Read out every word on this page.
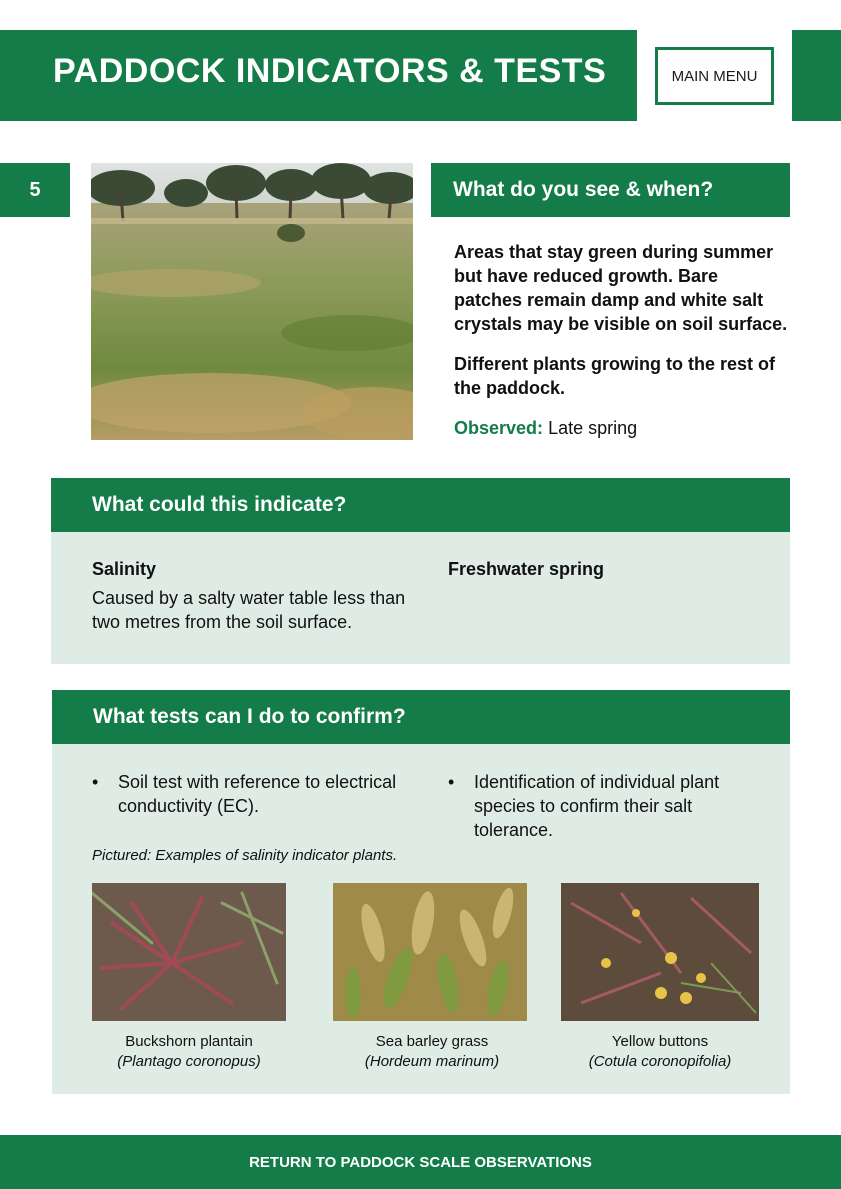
PADDOCK INDICATORS & TESTS	MAIN MENU
5	What do you see & when?

Areas that stay green during summer but have reduced growth. Bare patches remain damp and white salt crystals may be visible on soil surface.

Different plants growing to the rest of the paddock.

Observed: Late spring
What could this indicate?
Salinity
Caused by a salty water table less than two metres from the soil surface.
Freshwater spring
What tests can I do to confirm?
•	Soil test with reference to electrical conductivity (EC).
•	Identification of individual plant species to confirm their salt tolerance.
Pictured: Examples of salinity indicator plants.
Buckshorn plantain
(Plantago coronopus)
Sea barley grass
(Hordeum marinum)
Yellow buttons
(Cotula coronopifolia)
RETURN TO PADDOCK SCALE OBSERVATIONS
